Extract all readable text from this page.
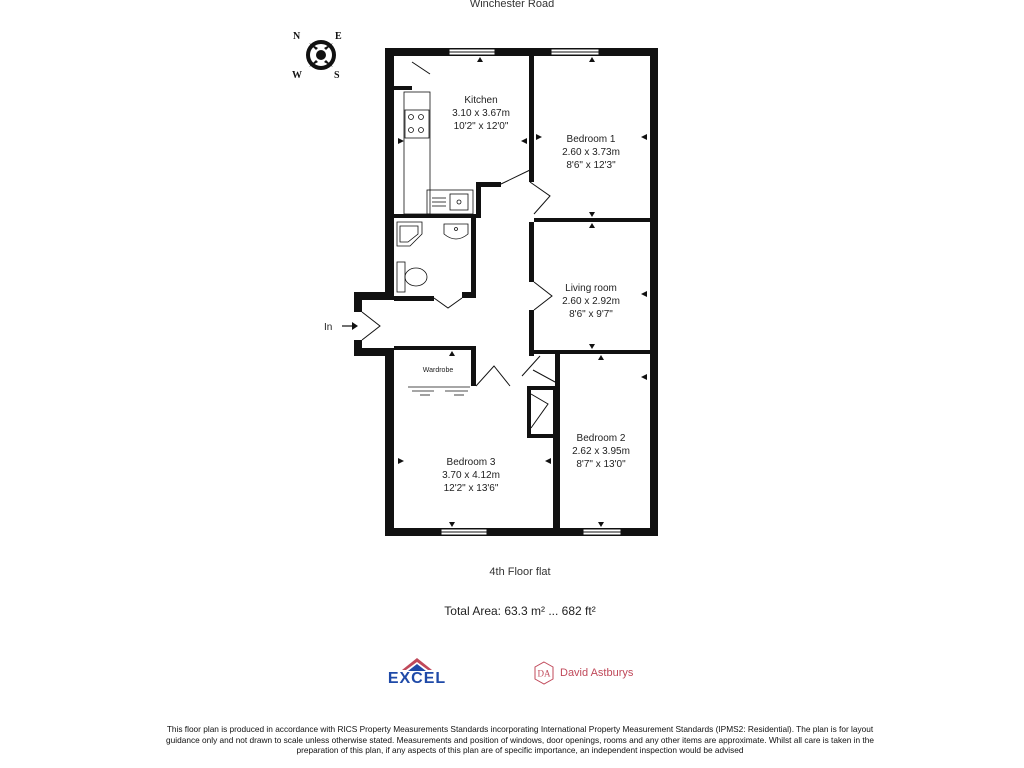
Winchester Road
N	E
W	S
In
Kitchen
3.10 x 3.67m
10'2" x 12'0"
Bedroom 1
2.60 x 3.73m
8'6" x 12'3"
Living room
2.60 x 2.92m
8'6" x 9'7"
Bedroom 2
2.62 x 3.95m
8'7" x 13'0"
Bedroom 3
3.70 x 4.12m
12'2" x 13'6"
Wardrobe
4th Floor flat
Total Area: 63.3 m² ... 682 ft²
EXCEL	DA David Astburys
This floor plan is produced in accordance with RICS Property Measurements Standards incorporating International Property Measurement Standards (IPMS2: Residential). The plan is for layout guidance only and not drawn to scale unless otherwise stated. Measurements and position of windows, door openings, rooms and any other items are approximate. Whilst all care is taken in the preparation of this plan, if any aspects of this plan are of specific importance, an independent inspection would be advised
